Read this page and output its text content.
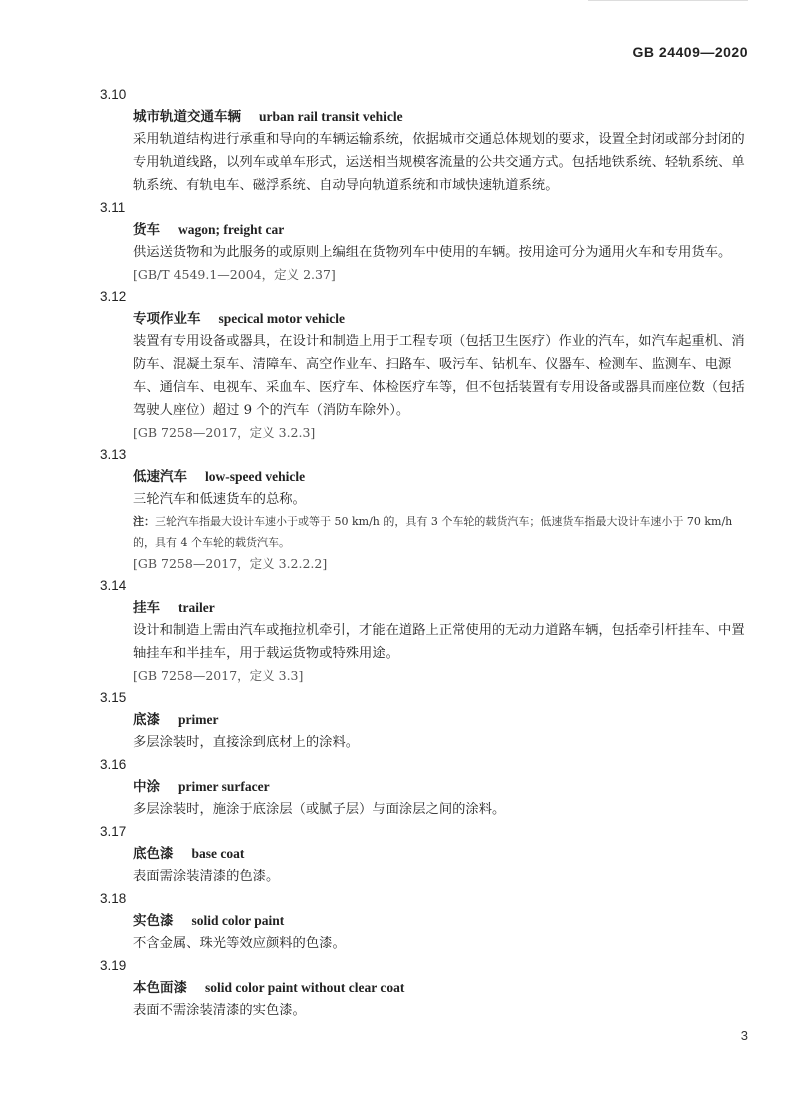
GB 24409—2020
3.10
城市轨道交通车辆 urban rail transit vehicle
采用轨道结构进行承重和导向的车辆运输系统，依据城市交通总体规划的要求，设置全封闭或部分封闭的专用轨道线路，以列车或单车形式，运送相当规模客流量的公共交通方式。包括地铁系统、轻轨系统、单轨系统、有轨电车、磁浮系统、自动导向轨道系统和市域快速轨道系统。
3.11
货车 wagon; freight car
供运送货物和为此服务的或原则上编组在货物列车中使用的车辆。按用途可分为通用火车和专用货车。
[GB/T 4549.1—2004，定义 2.37]
3.12
专项作业车 specical motor vehicle
装置有专用设备或器具，在设计和制造上用于工程专项（包括卫生医疗）作业的汽车，如汽车起重机、消防车、混凝土泵车、清障车、高空作业车、扫路车、吸污车、钻机车、仪器车、检测车、监测车、电源车、通信车、电视车、采血车、医疗车、体检医疗车等，但不包括装置有专用设备或器具而座位数（包括驾驶人座位）超过 9 个的汽车（消防车除外）。
[GB 7258—2017，定义 3.2.3]
3.13
低速汽车 low-speed vehicle
三轮汽车和低速货车的总称。
注：三轮汽车指最大设计车速小于或等于 50 km/h 的，具有 3 个车轮的载货汽车；低速货车指最大设计车速小于 70 km/h的，具有 4 个车轮的载货汽车。
[GB 7258—2017，定义 3.2.2.2]
3.14
挂车 trailer
设计和制造上需由汽车或拖拉机牵引，才能在道路上正常使用的无动力道路车辆，包括牵引杆挂车、中置轴挂车和半挂车，用于载运货物或特殊用途。
[GB 7258—2017，定义 3.3]
3.15
底漆 primer
多层涂装时，直接涂到底材上的涂料。
3.16
中涂 primer surfacer
多层涂装时，施涂于底涂层（或腻子层）与面涂层之间的涂料。
3.17
底色漆 base coat
表面需涂装清漆的色漆。
3.18
实色漆 solid color paint
不含金属、珠光等效应颜料的色漆。
3.19
本色面漆 solid color paint without clear coat
表面不需涂装清漆的实色漆。
3
